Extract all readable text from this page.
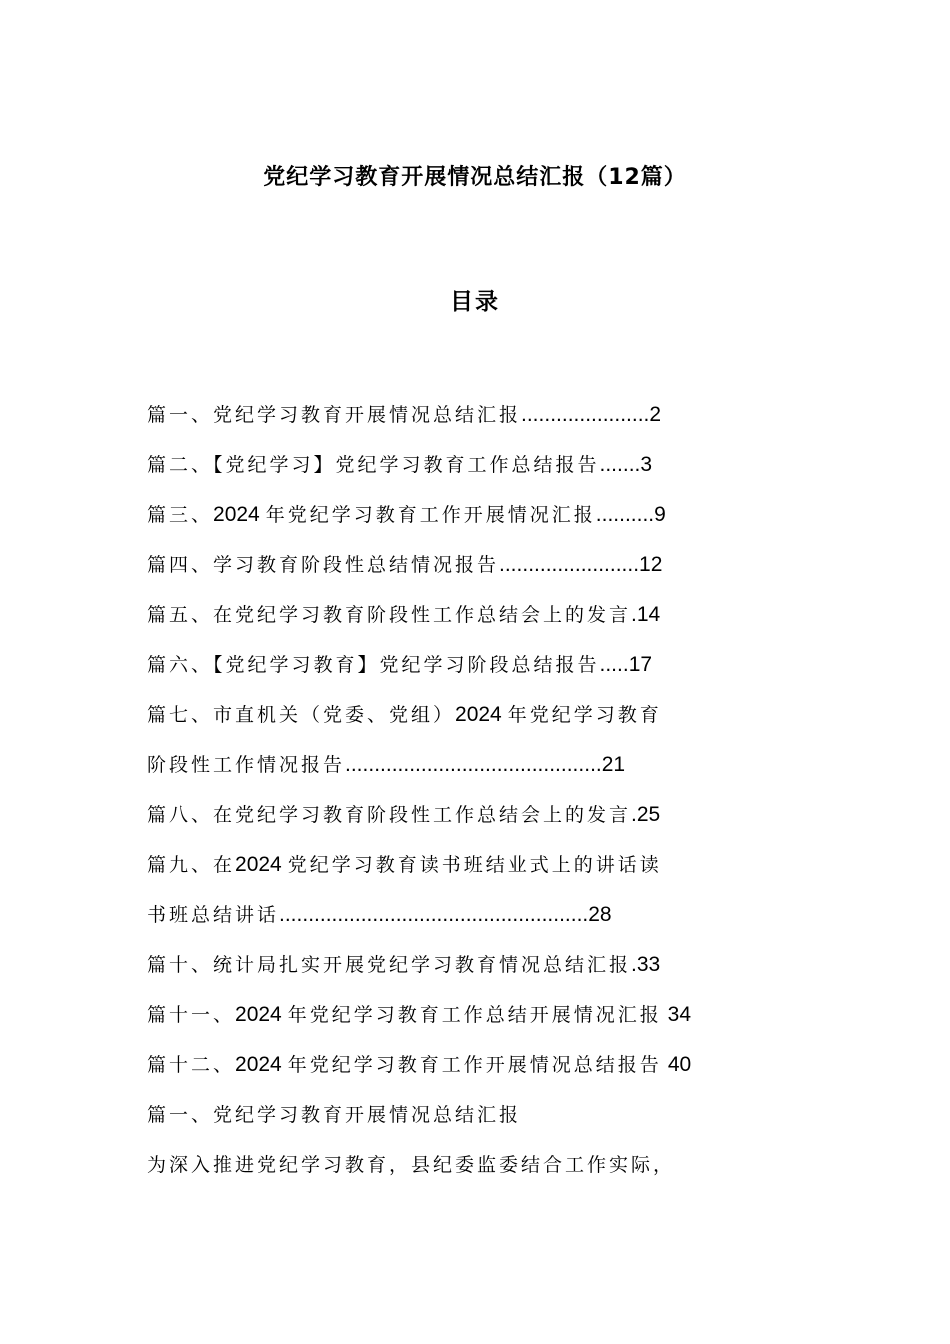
党纪学习教育开展情况总结汇报（12篇）
目录
篇一、党纪学习教育开展情况总结汇报......................2
篇二、【党纪学习】党纪学习教育工作总结报告.......3
篇三、2024 年党纪学习教育工作开展情况汇报..........9
篇四、学习教育阶段性总结情况报告........................12
篇五、在党纪学习教育阶段性工作总结会上的发言.14
篇六、【党纪学习教育】党纪学习阶段总结报告.....17
篇七、市直机关（党委、党组）2024 年党纪学习教育
阶段性工作情况报告............................................21
篇八、在党纪学习教育阶段性工作总结会上的发言.25
篇九、在2024 党纪学习教育读书班结业式上的讲话读
书班总结讲话.....................................................28
篇十、统计局扎实开展党纪学习教育情况总结汇报.33
篇十一、2024 年党纪学习教育工作总结开展情况汇报 34
篇十二、2024 年党纪学习教育工作开展情况总结报告 40
篇一、党纪学习教育开展情况总结汇报
为深入推进党纪学习教育，县纪委监委结合工作实际，
